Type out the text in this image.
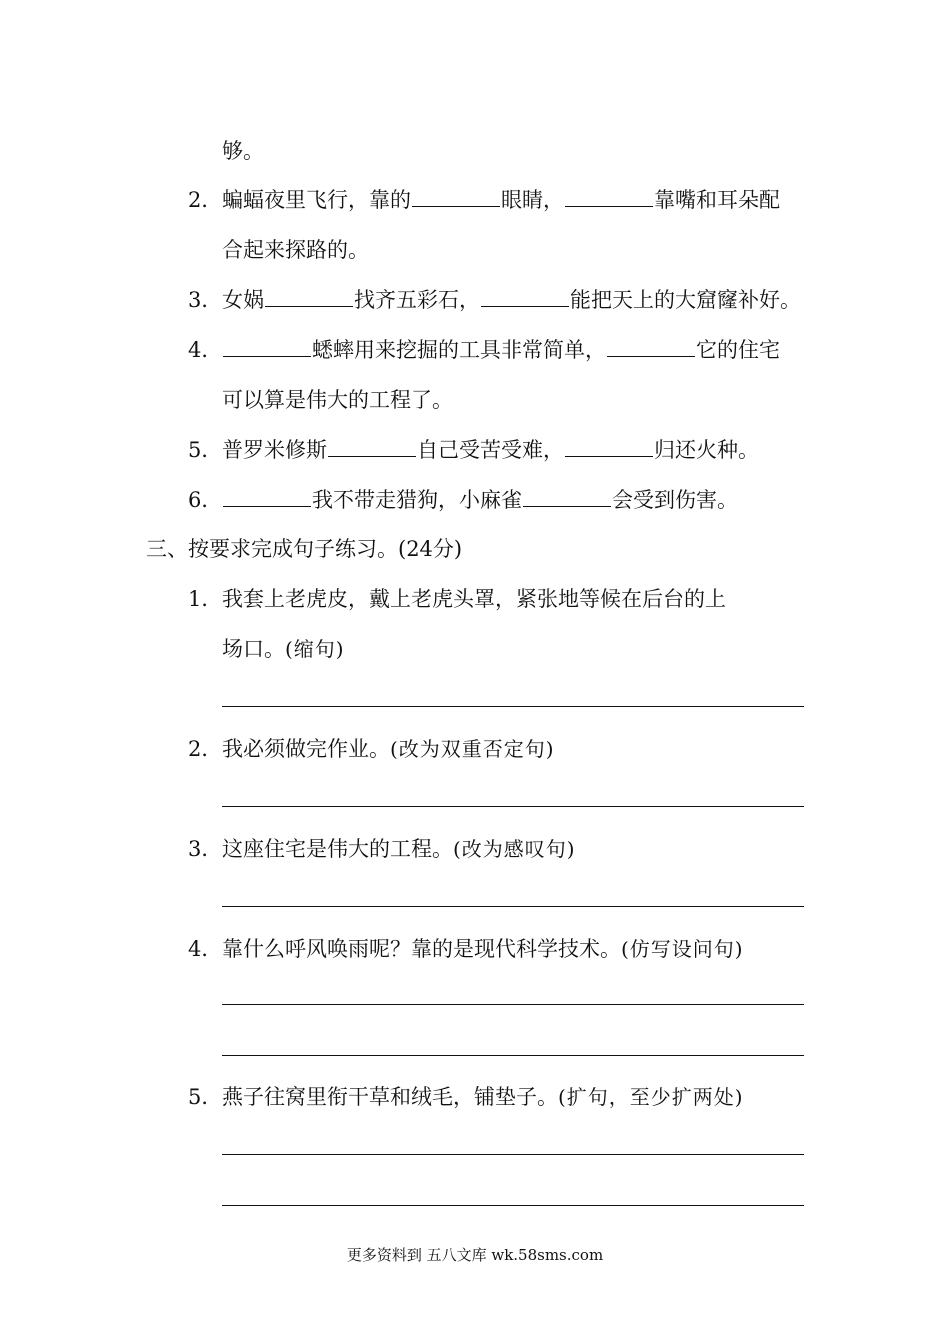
够。
2．蝙蝠夜里飞行，靠的	眼睛，	靠嘴和耳朵配
合起来探路的。
3．女娲	找齐五彩石，	能把天上的大窟窿补好。
4．	蟋蟀用来挖掘的工具非常简单，	它的住宅
可以算是伟大的工程了。
5．普罗米修斯	自己受苦受难，	归还火种。
6．	我不带走猎狗，小麻雀	会受到伤害。
三、按要求完成句子练习。(24分)
1．我套上老虎皮，戴上老虎头罩，紧张地等候在后台的上
场口。(缩句)
2．我必须做完作业。(改为双重否定句)
3．这座住宅是伟大的工程。(改为感叹句)
4．靠什么呼风唤雨呢？靠的是现代科学技术。(仿写设问句)
5．燕子往窝里衔干草和绒毛，铺垫子。(扩句，至少扩两处)
更多资料到 五八文库 wk.58sms.com
